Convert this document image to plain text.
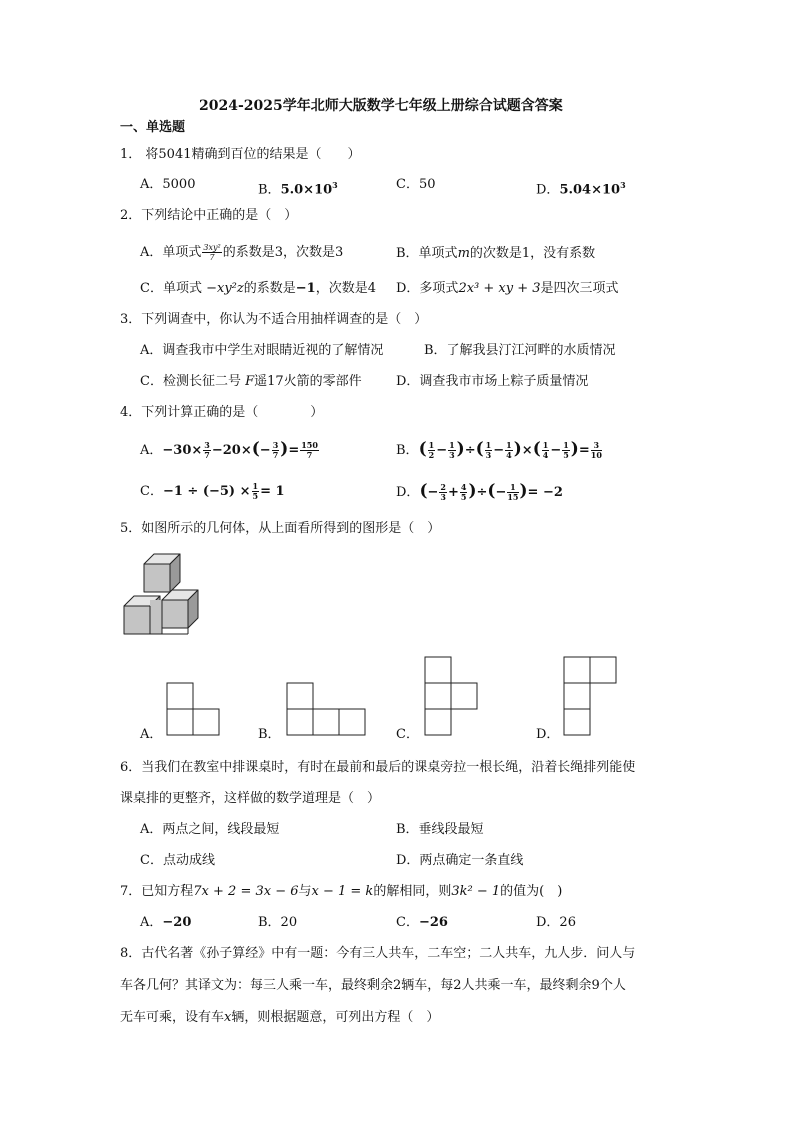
2024-2025学年北师大版数学七年级上册综合试题含答案
一、单选题
1． 将5041精确到百位的结果是（　　）
A．5000	B．$5.0\times 10^3$	C．50	D．$5.04\times 10^3$
2．下列结论中正确的是（　）
A．单项式 $\frac{\text{3xy²}}{7}$ 的系数是3，次数是3	B．单项式m的次数是1，没有系数
C．单项式 −xy²z的系数是−1，次数是4 D．多项式2x³ + xy + 3是四次三项式
3．下列调查中，你认为不适合用抽样调查的是（　）
A．调查我市中学生对眼睛近视的了解情况	B．了解我县汀江河畔的水质情况
C．检测长征二号 F遥17火箭的零部件	D．调查我市市场上粽子质量情况
4．下列计算正确的是（　　　　）
A．$-30\times \frac{3}{7} -20\times(- \frac{3}{7}$ )= $\frac{150}{7}$	B．( $\frac{1}{2} - \frac{1}{3}$ )÷( $\frac{1}{3} - \frac{1}{4}$ )×( $\frac{1}{4} - \frac{1}{5}$ )= $\frac{3}{10}$
C．$-1 \div (-5) \times \frac{1}{5} = 1$	D．(− $\frac{2}{3} + \frac{4}{5}$ )÷(− $\frac{1}{15}$ )= −2
5．如图所示的几何体，从上面看所得到的图形是（　）
A．	B．	C．	D．
6．当我们在教室中排课桌时，有时在最前和最后的课桌旁拉一根长绳，沿着长绳排列能使
课桌排的更整齐，这样做的数学道理是（　）
A．两点之间，线段最短	B．垂线段最短
C．点动成线	D．两点确定一条直线
7．已知方程7x + 2 = 3x − 6与x − 1 = k的解相同，则3k² − 1的值为(　)
A．−20	B．20	C．−26	D．26
8．古代名著《孙子算经》中有一题：今有三人共车，二车空；二人共车，九人步．问人与
车各几何？其译文为：每三人乘一车，最终剩余2辆车，每2人共乘一车，最终剩余9个人
无车可乘，设有车x辆，则根据题意，可列出方程（　）
